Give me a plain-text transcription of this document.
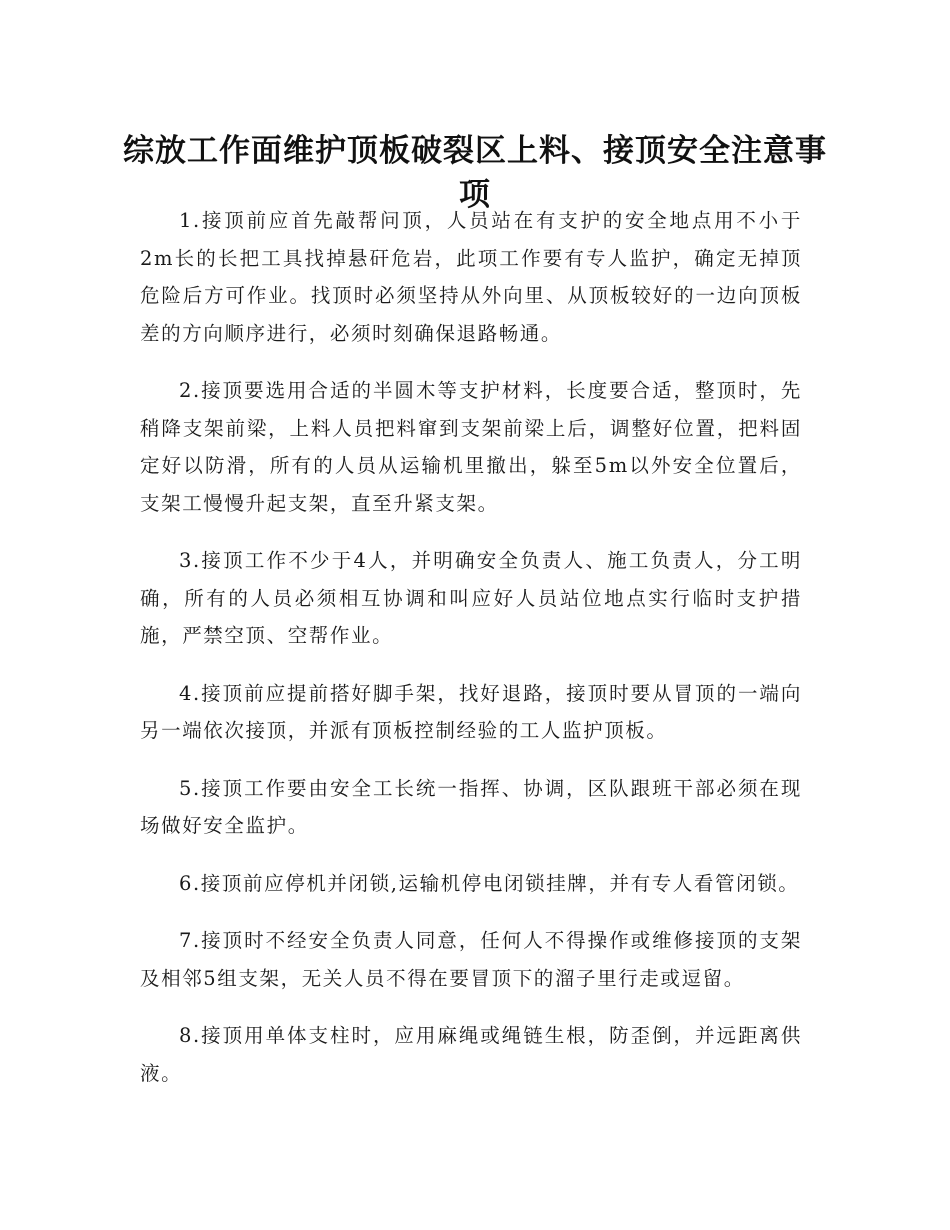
综放工作面维护顶板破裂区上料、接顶安全注意事项

1.接顶前应首先敲帮问顶，人员站在有支护的安全地点用不小于2m长的长把工具找掉悬矸危岩，此项工作要有专人监护，确定无掉顶危险后方可作业。找顶时必须坚持从外向里、从顶板较好的一边向顶板差的方向顺序进行，必须时刻确保退路畅通。

2.接顶要选用合适的半圆木等支护材料，长度要合适，整顶时，先稍降支架前梁，上料人员把料窜到支架前梁上后，调整好位置，把料固定好以防滑，所有的人员从运输机里撤出，躲至5m以外安全位置后，支架工慢慢升起支架，直至升紧支架。

3.接顶工作不少于4人，并明确安全负责人、施工负责人，分工明确，所有的人员必须相互协调和叫应好人员站位地点实行临时支护措施，严禁空顶、空帮作业。

4.接顶前应提前搭好脚手架，找好退路，接顶时要从冒顶的一端向另一端依次接顶，并派有顶板控制经验的工人监护顶板。

5.接顶工作要由安全工长统一指挥、协调，区队跟班干部必须在现场做好安全监护。

6.接顶前应停机并闭锁,运输机停电闭锁挂牌，并有专人看管闭锁。

7.接顶时不经安全负责人同意，任何人不得操作或维修接顶的支架及相邻5组支架，无关人员不得在要冒顶下的溜子里行走或逗留。

8.接顶用单体支柱时，应用麻绳或绳链生根，防歪倒，并远距离供液。
